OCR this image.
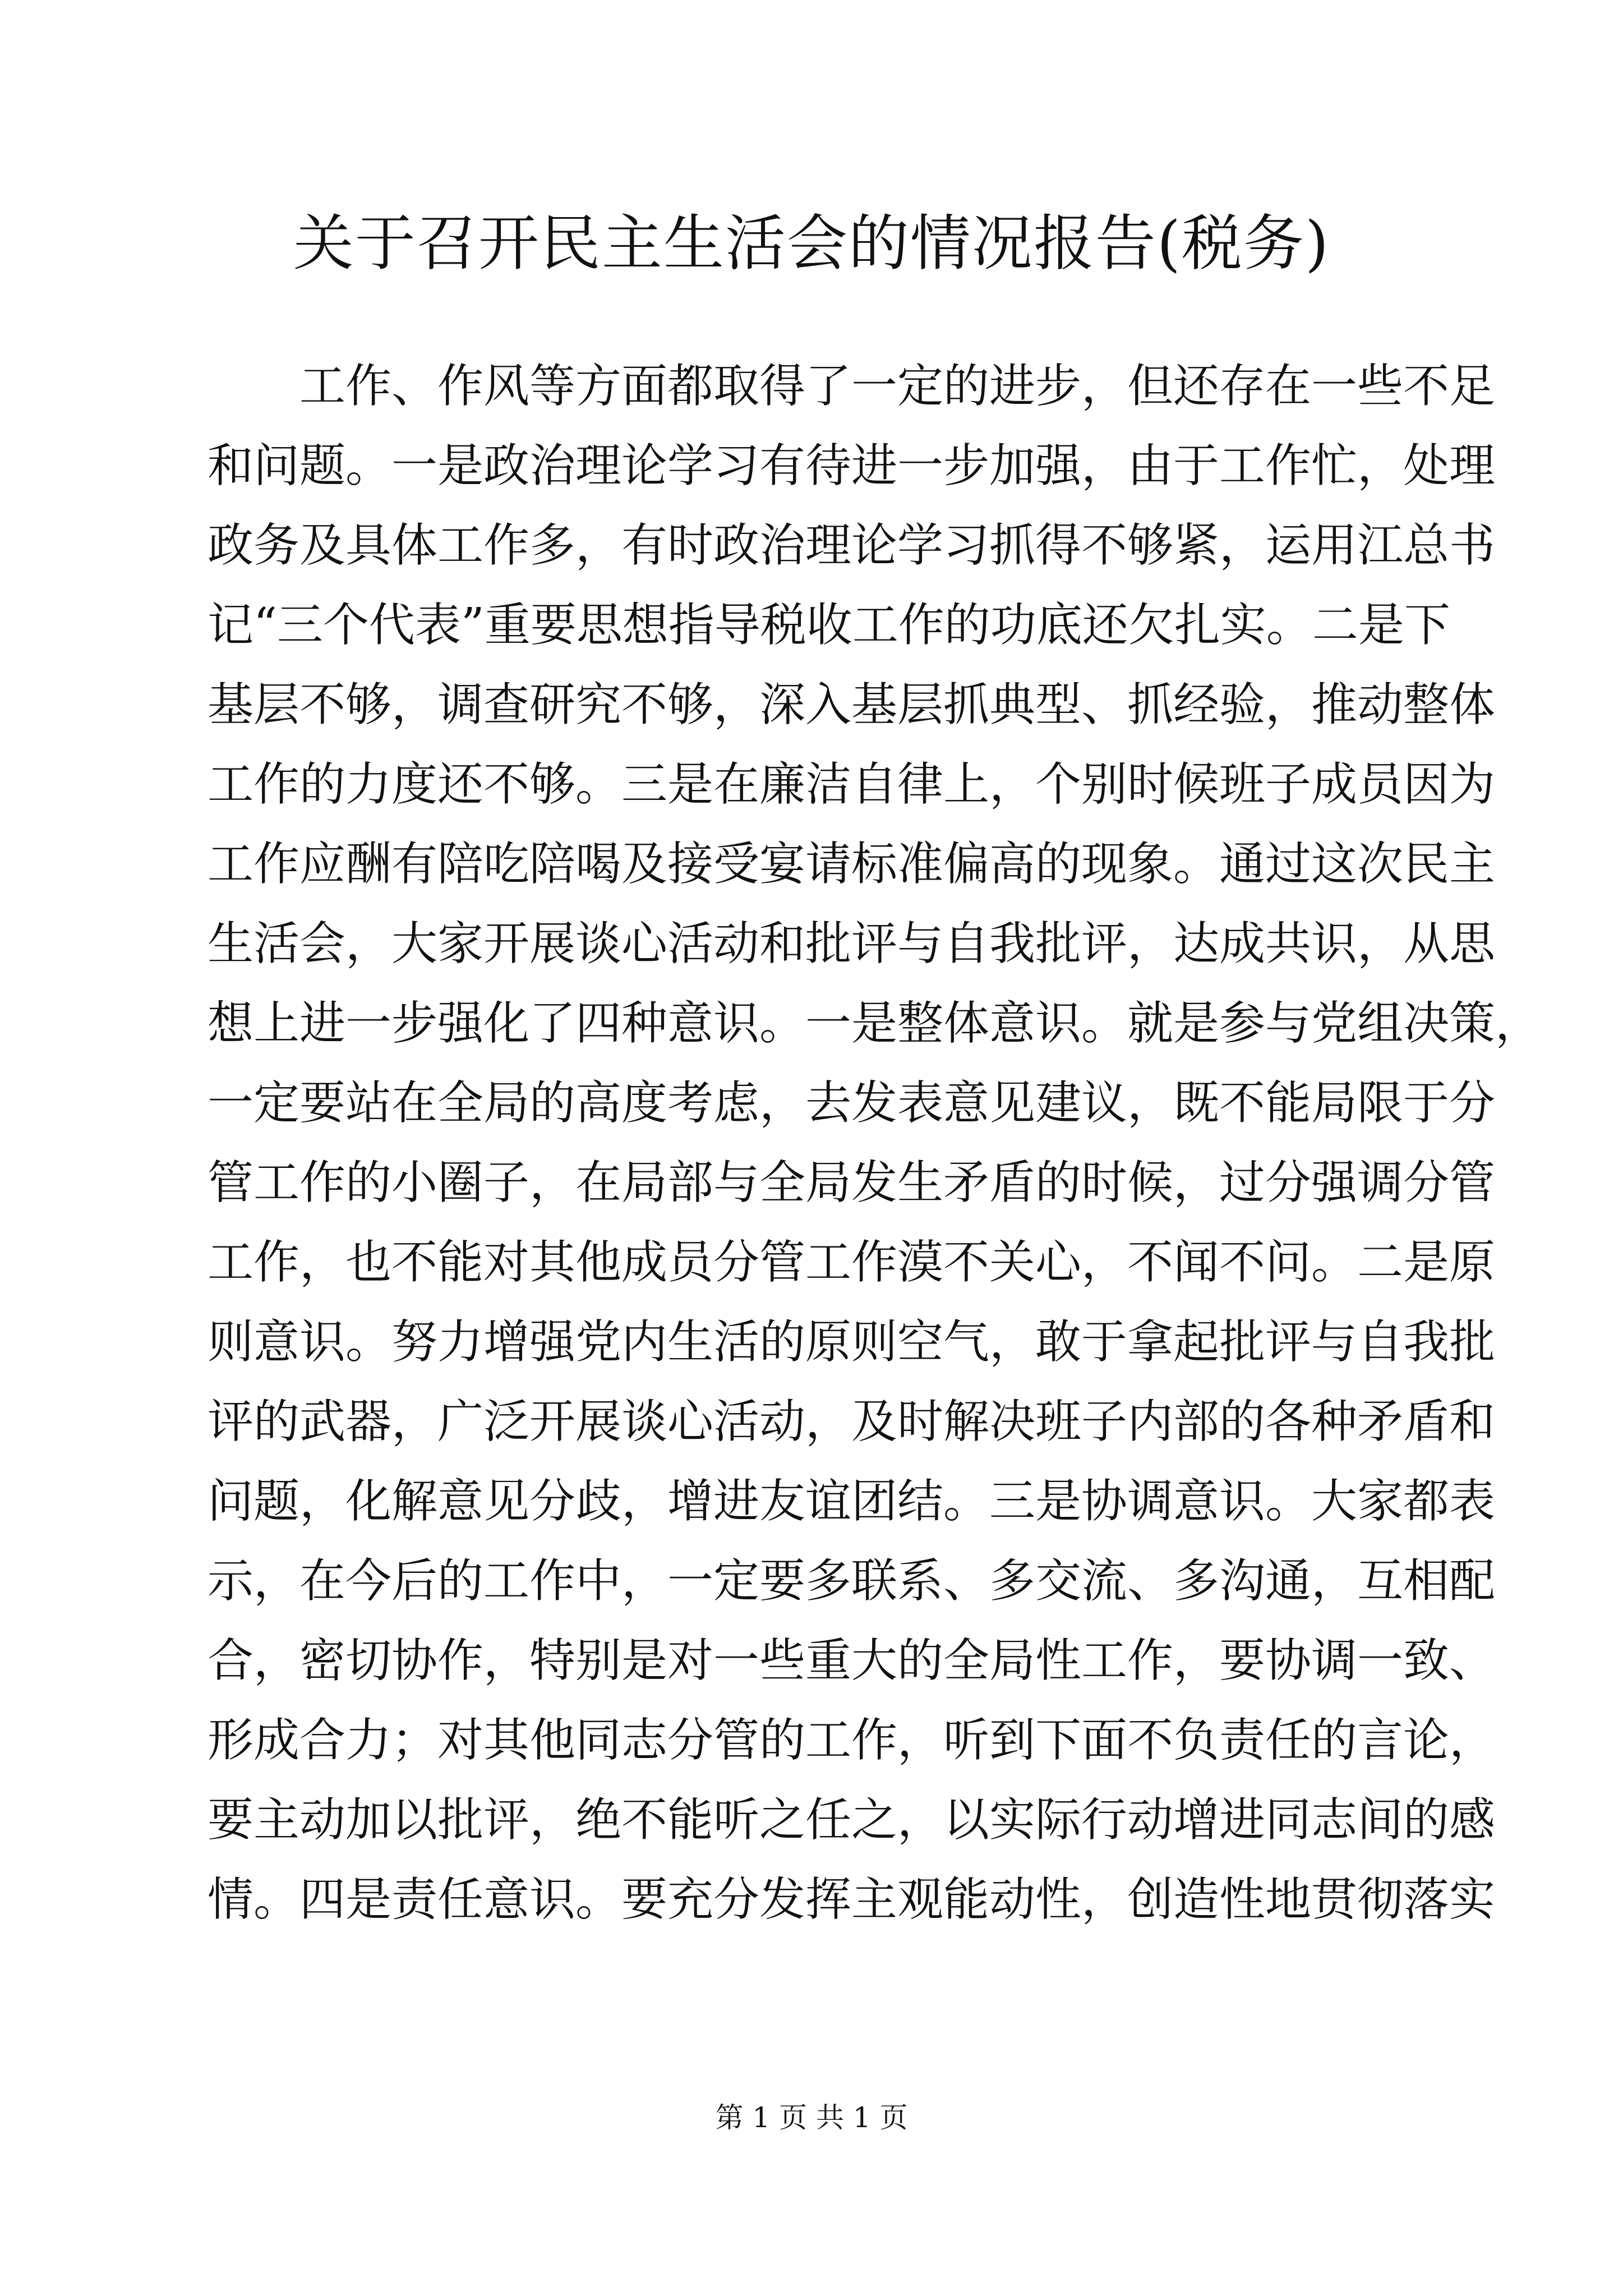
关于召开民主生活会的情况报告(税务)
工作、作风等方面都取得了一定的进步，但还存在一些不足
和问题。一是政治理论学习有待进一步加强，由于工作忙，处理
政务及具体工作多，有时政治理论学习抓得不够紧，运用江总书
记“三个代表”重要思想指导税收工作的功底还欠扎实。二是下
基层不够，调查研究不够，深入基层抓典型、抓经验，推动整体
工作的力度还不够。三是在廉洁自律上，个别时候班子成员因为
工作应酬有陪吃陪喝及接受宴请标准偏高的现象。通过这次民主
生活会，大家开展谈心活动和批评与自我批评，达成共识，从思
想上进一步强化了四种意识。一是整体意识。就是参与党组决策，
一定要站在全局的高度考虑，去发表意见建议，既不能局限于分
管工作的小圈子，在局部与全局发生矛盾的时候，过分强调分管
工作，也不能对其他成员分管工作漠不关心，不闻不问。二是原
则意识。努力增强党内生活的原则空气，敢于拿起批评与自我批
评的武器，广泛开展谈心活动，及时解决班子内部的各种矛盾和
问题，化解意见分歧，增进友谊团结。三是协调意识。大家都表
示，在今后的工作中，一定要多联系、多交流、多沟通，互相配
合，密切协作，特别是对一些重大的全局性工作，要协调一致、
形成合力；对其他同志分管的工作，听到下面不负责任的言论，
要主动加以批评，绝不能听之任之，以实际行动增进同志间的感
情。四是责任意识。要充分发挥主观能动性，创造性地贯彻落实
第 1 页 共 1 页
